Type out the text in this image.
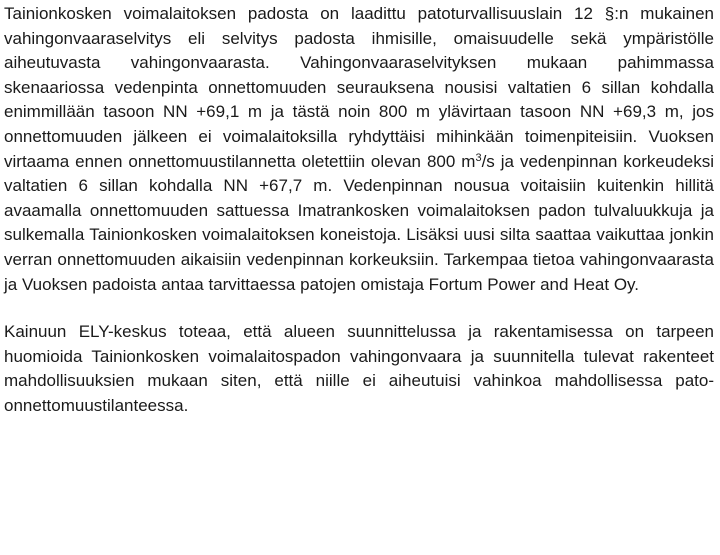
Tainionkosken voimalaitoksen padosta on laadittu patoturvallisuuslain 12 §:n mukainen vahingonvaaraselvitys eli selvitys padosta ihmisille, omaisuudelle sekä ympäristölle aiheutuvasta vahingonvaarasta. Vahingonvaaraselvityksen mukaan pahimmassa skenaariossa vedenpinta onnettomuuden seurauksena nousisi valtatien 6 sillan kohdalla enimmillään tasoon NN +69,1 m ja tästä noin 800 m ylävirtaan tasoon NN +69,3 m, jos onnettomuuden jälkeen ei voimalaitoksilla ryhdyttäisi mihinkään toimenpiteisiin. Vuoksen virtaama ennen onnettomuustilannetta oletettiin olevan 800 $m^3/s$ ja vedenpinnan korkeudeksi valtatien 6 sillan kohdalla NN +67,7 m. Vedenpinnan nousua voitaisiin kuitenkin hillitä avaamalla onnettomuuden sattuessa Imatrankosken voimalaitoksen padon tulvaluukkuja ja sulkemalla Tainionkosken voimalaitoksen koneistoja. Lisäksi uusi silta saattaa vaikuttaa jonkin verran onnettomuuden aikaisiin vedenpinnan korkeuksiin. Tarkempaa tietoa vahingonvaarasta ja Vuoksen padoista antaa tarvittaessa patojen omistaja Fortum Power and Heat Oy.

Kainuun ELY-keskus toteaa, että alueen suunnittelussa ja rakentamisessa on tarpeen huomioida Tainionkosken voimalaitospadon vahingonvaara ja suunnitella tulevat rakenteet mahdollisuuksien mukaan siten, että niille ei aiheutuisi vahinkoa mahdollisessa pato-onnettomuustilanteessa.
